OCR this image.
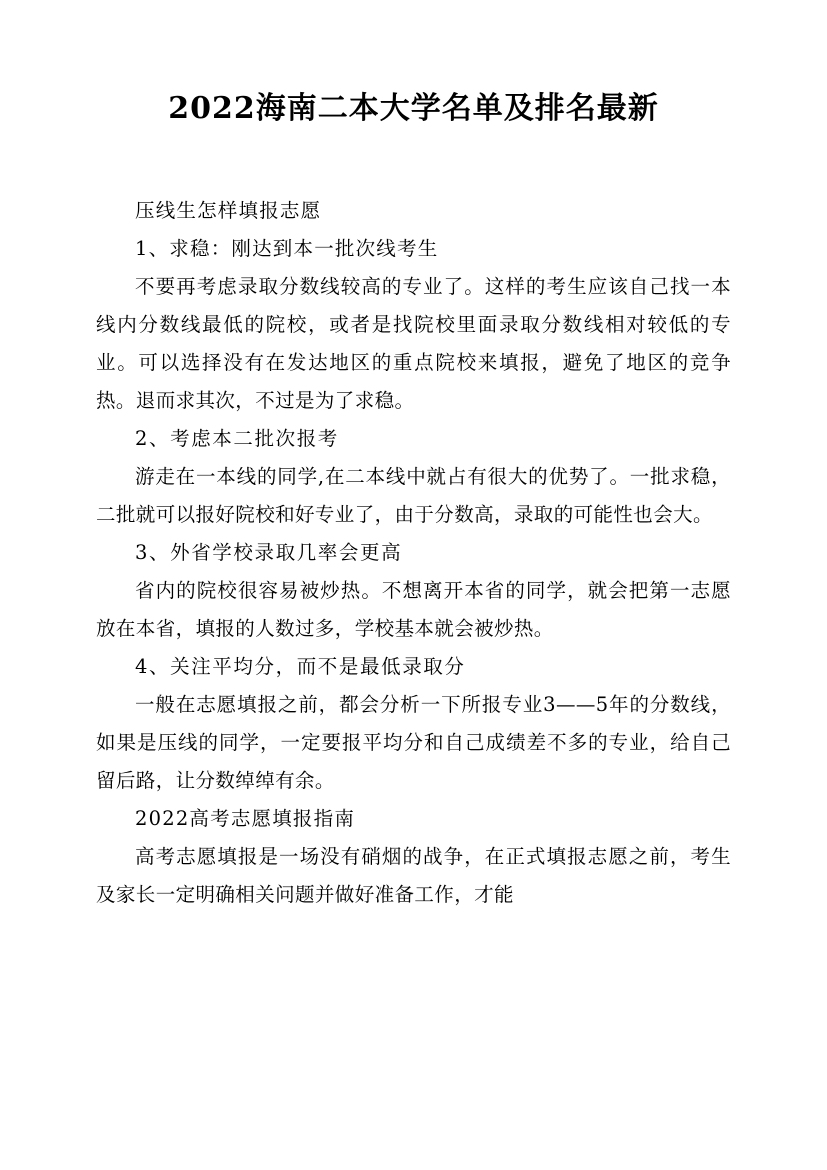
2022海南二本大学名单及排名最新

压线生怎样填报志愿

1、求稳：刚达到本一批次线考生

不要再考虑录取分数线较高的专业了。这样的考生应该自己找一本线内分数线最低的院校，或者是找院校里面录取分数线相对较低的专业。可以选择没有在发达地区的重点院校来填报，避免了地区的竞争热。退而求其次，不过是为了求稳。

2、考虑本二批次报考

游走在一本线的同学,在二本线中就占有很大的优势了。一批求稳，二批就可以报好院校和好专业了，由于分数高，录取的可能性也会大。

3、外省学校录取几率会更高

省内的院校很容易被炒热。不想离开本省的同学，就会把第一志愿放在本省，填报的人数过多，学校基本就会被炒热。

4、关注平均分，而不是最低录取分

一般在志愿填报之前，都会分析一下所报专业3——5年的分数线，如果是压线的同学，一定要报平均分和自己成绩差不多的专业，给自己留后路，让分数绰绰有余。

2022高考志愿填报指南

高考志愿填报是一场没有硝烟的战争，在正式填报志愿之前，考生及家长一定明确相关问题并做好准备工作，才能
